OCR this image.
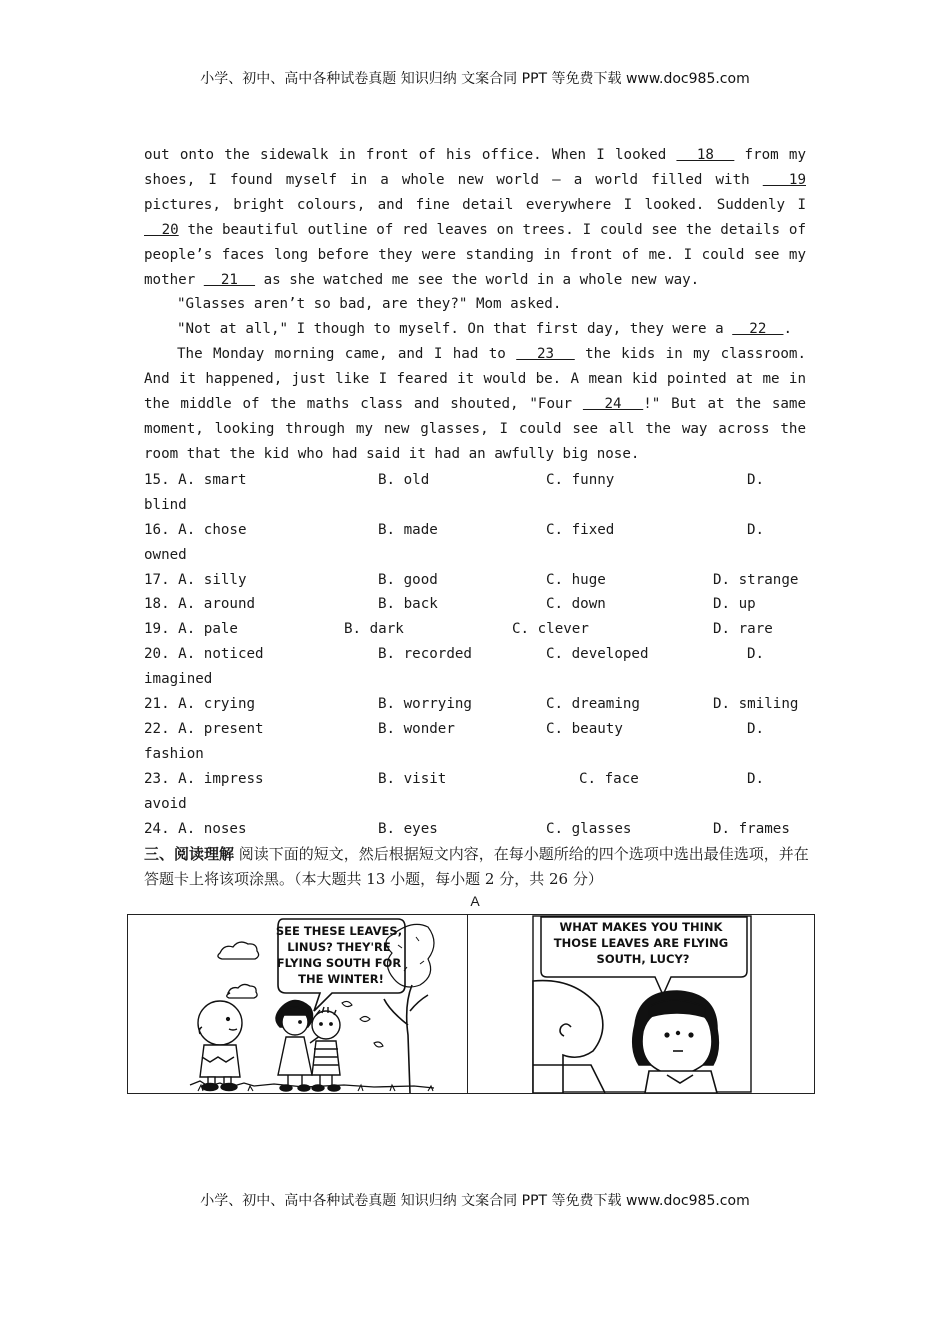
小学、初中、高中各种试卷真题 知识归纳 文案合同 PPT 等免费下载 www.doc985.com

out onto the sidewalk in front of his office. When I looked   18   from my shoes, I found myself in a whole new world – a world filled with   19 pictures, bright colours, and fine detail everywhere I looked. Suddenly I   20 the beautiful outline of red leaves on trees. I could see the details of people’s faces long before they were standing in front of me. I could see my mother   21   as she watched me see the world in a whole new way.

"Glasses aren’t so bad, are they?" Mom asked.

"Not at all," I though to myself. On that first day, they were a   22  .

The Monday morning came, and I had to   23   the kids in my classroom. And it happened, just like I feared it would be. A mean kid pointed at me in the middle of the maths class and shouted, "Four   24  !" But at the same moment, looking through my new glasses, I could see all the way across the room that the kid who had said it had an awfully big nose.

15. A. smart	B. old	C. funny	D.
blind
16. A. chose	B. made	C. fixed	D.
owned
17. A. silly	B. good	C. huge	D. strange
18. A. around	B. back	C. down	D. up
19. A. pale	B. dark	C. clever	D. rare
20. A. noticed	B. recorded	C. developed	D.
imagined
21. A. crying	B. worrying	C. dreaming	D. smiling
22. A. present	B. wonder	C. beauty	D.
fashion
23. A. impress	B. visit	C. face	D.
avoid
24. A. noses	B. eyes	C. glasses	D. frames
三、阅读理解 阅读下面的短文，然后根据短文内容，在每小题所给的四个选项中选出最佳选项，并在答题卡上将该项涂黑。（本大题共 13 小题，每小题 2 分，共 26 分）
A
SEE THESE LEAVES, LINUS? THEY'RE FLYING SOUTH FOR THE WINTER!
WHAT MAKES YOU THINK THOSE LEAVES ARE FLYING SOUTH, LUCY?
小学、初中、高中各种试卷真题 知识归纳 文案合同 PPT 等免费下载 www.doc985.com
